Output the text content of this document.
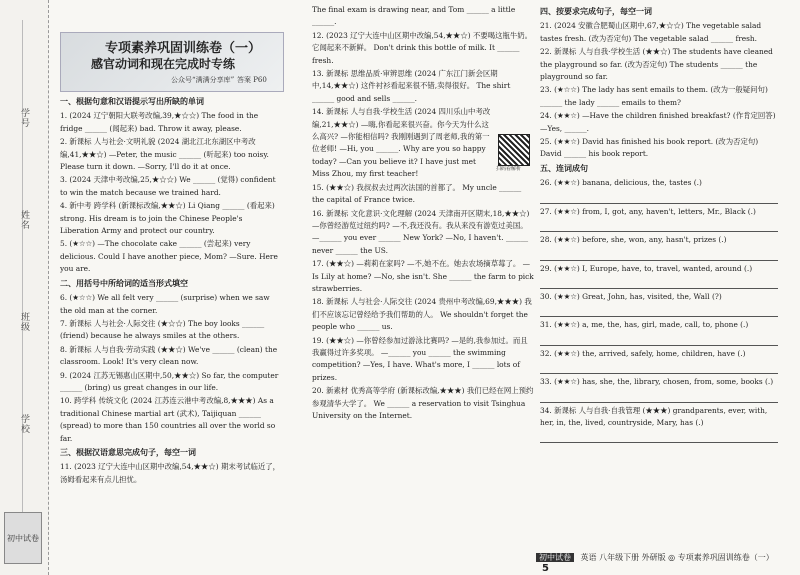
学号
姓名
班级
学校
初中试卷
专项素养巩固训练卷（一）
感官动词和现在完成时专练
公众号“满满分享库” 答案 P60
一、根据句意和汉语提示写出所缺的单词
1. (2024 辽宁朝阳大联考改编,39,★☆☆) The food in the fridge ______ (闻起来) bad. Throw it away, please.
2. 新课标 人与社会·文明礼貌 (2024 湖北江北东湖区中考改编,41,★★☆) —Peter, the music ______ (听起来) too noisy. Please turn it down. —Sorry, I'll do it at once.
3. (2024 天津中考改编,25,★☆☆) We ______ (觉得) confident to win the match because we trained hard.
4. 新中考 跨学科 (新课标改编,★★☆) Li Qiang ______ (看起来) strong. His dream is to join the Chinese People's Liberation Army and protect our country.
5. (★☆☆) —The chocolate cake ______ (尝起来) very delicious. Could I have another piece, Mom? —Sure. Here you are.
二、用括号中所给词的适当形式填空
6. (★☆☆) We all felt very ______ (surprise) when we saw the old man at the corner.
7. 新课标 人与社会·人际交往 (★☆☆) The boy looks ______ (friend) because he always smiles at the others.
8. 新课标 人与自我·劳动实践 (★★☆) We've ______ (clean) the classroom. Look! It's very clean now.
9. (2024 江苏无锡惠山区期中,50,★★☆) So far, the computer ______ (bring) us great changes in our life.
10. 跨学科 传统文化 (2024 江苏连云港中考改编,8,★★★) As a traditional Chinese martial art (武术), Taijiquan ______ (spread) to more than 150 countries all over the world so far.
三、根据汉语意思完成句子，每空一词
11. (2023 辽宁大连中山区期中改编,54,★★☆) 期末考试临近了，汤姆看起来有点儿担忧。
The final exam is drawing near, and Tom ______ a little ______.
12. (2023 辽宁大连中山区期中改编,54,★★☆) 不要喝这瓶牛奶。它闻起来不新鲜。 Don't drink this bottle of milk. It ______ fresh.
13. 新课标 思维品质·审辨思维 (2024 广东江门新会区期中,14,★★☆) 这件衬衫看起来很不错,卖得很好。 The shirt ______ good and sells ______.
14. 新课标 人与自我·学校生活 (2024 四川乐山中考改编,21,★★☆) —嗨,你看起来很兴奋。你今天为什么这么高兴? —你能相信吗? 我刚刚遇到了周老师,我的第一位老师! —Hi, you ______. Why are you so happy today? —Can you believe it? I have just met Miss Zhou, my first teacher!
15. (★★☆) 我叔叔去过两次法国的首都了。 My uncle ______ the capital of France twice.
16. 新课标 文化意识·文化理解 (2024 天津南开区期末,18,★★☆) —你曾经游览过纽约吗? —不,我还没有。我从来没有游览过美国。 —______ you ever ______ New York? —No, I haven't. ______ never ______ the US.
17. (★★☆) —莉莉在家吗? —不,她不在。她去农场摘草莓了。 —Is Lily at home? —No, she isn't. She ______ the farm to pick strawberries.
18. 新课标 人与社会·人际交往 (2024 贵州中考改编,69,★★★) 我们不应该忘记曾经给予我们帮助的人。 We shouldn't forget the people who ______ us.
19. (★★☆) —你曾经参加过游泳比赛吗? —是的,我参加过。而且我赢得过许多奖项。 —______ you ______ the swimming competition? —Yes, I have. What's more, I ______ lots of prizes.
20. 新素材 优秀高等学府 (新课标改编,★★★) 我们已经在网上预约参观清华大学了。 We ______ a reservation to visit Tsinghua University on the Internet.
扫码看解析
四、按要求完成句子，每空一词
21. (2024 安徽合肥蜀山区期中,67,★☆☆) The vegetable salad tastes fresh. (改为否定句) The vegetable salad ______ fresh.
22. 新课标 人与自我·学校生活 (★★☆) The students have cleaned the playground so far. (改为否定句) The students ______ the playground so far.
23. (★☆☆) The lady has sent emails to them. (改为一般疑问句) ______ the lady ______ emails to them?
24. (★★☆) —Have the children finished breakfast? (作肯定回答) —Yes, ______.
25. (★★☆) David has finished his book report. (改为否定句) David ______ his book report.
五、连词成句
26. (★★☆) banana, delicious, the, tastes (.)
27. (★★☆) from, I, got, any, haven't, letters, Mr., Black (.)
28. (★★☆) before, she, won, any, hasn't, prizes (.)
29. (★★☆) I, Europe, have, to, travel, wanted, around (.)
30. (★★☆) Great, John, has, visited, the, Wall (?)
31. (★★☆) a, me, the, has, girl, made, call, to, phone (.)
32. (★★☆) the, arrived, safely, home, children, have (.)
33. (★★☆) has, she, the, library, chosen, from, some, books (.)
34. 新课标 人与自我·自我管理 (★★★) grandparents, ever, with, her, in, the, lived, countryside, Mary, has (.)
初中试卷 英语 八年级下册 外研版 ◎ 专项素养巩固训练卷（一） 5
